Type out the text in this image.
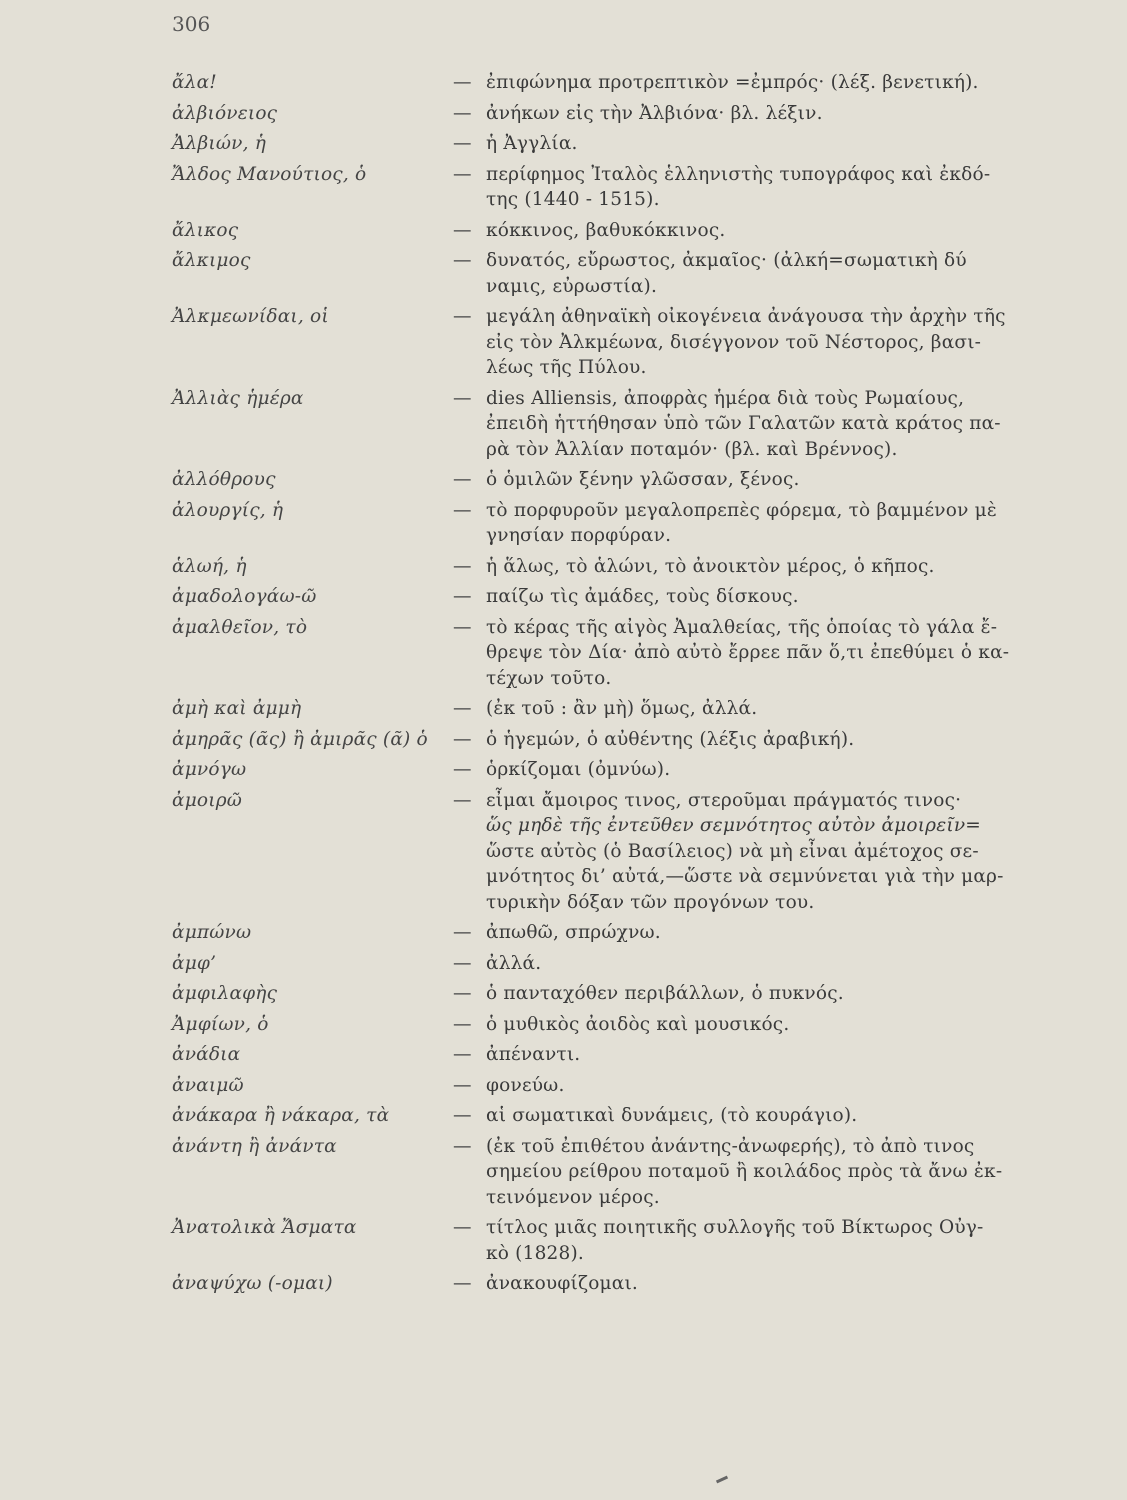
306
ἄλα!	— ἐπιφώνημα προτρεπτικὸν =ἐμπρός· (λέξ. βενετική).
ἀλβιόνειος	— ἀνήκων εἰς τὴν Ἀλβιόνα· βλ. λέξιν.
Ἀλβιών, ἡ	— ἡ Ἀγγλία.
Ἄλδος Μανούτιος, ὁ	— περίφημος Ἰταλὸς ἑλληνιστὴς τυπογράφος καὶ ἐκδό-
της (1440 - 1515).
ἄλικος	— κόκκινος, βαθυκόκκινος.
ἄλκιμος	— δυνατός, εὔρωστος, ἀκμαῖος· (ἀλκή=σωματικὴ δύ
ναμις, εὐρωστία).
Ἀλκμεωνίδαι, οἱ	— μεγάλη ἀθηναϊκὴ οἰκογένεια ἀνάγουσα τὴν ἀρχὴν τῆς
εἰς τὸν Ἀλκμέωνα, δισέγγονον τοῦ Νέστορος, βασι-
λέως τῆς Πύλου.
Ἀλλιὰς ἡμέρα	— dies Alliensis, ἀποφρὰς ἡμέρα διὰ τοὺς Ρωμαίους,
ἐπειδὴ ἡττήθησαν ὑπὸ τῶν Γαλατῶν κατὰ κράτος πα-
ρὰ τὸν Ἀλλίαν ποταμόν· (βλ. καὶ Βρέννος).
ἀλλόθρους	— ὁ ὁμιλῶν ξένην γλῶσσαν, ξένος.
ἀλουργίς, ἡ	— τὸ πορφυροῦν μεγαλοπρεπὲς φόρεμα, τὸ βαμμένον μὲ
γνησίαν πορφύραν.
ἁλωή, ἡ	— ἡ ἅλως, τὸ ἁλώνι, τὸ ἀνοικτὸν μέρος, ὁ κῆπος.
ἀμαδολογάω-ῶ	— παίζω τὶς ἀμάδες, τοὺς δίσκους.
ἀμαλθεῖον, τὸ	— τὸ κέρας τῆς αἰγὸς Ἀμαλθείας, τῆς ὁποίας τὸ γάλα ἔ-
θρεψε τὸν Δία· ἀπὸ αὐτὸ ἔρρεε πᾶν ὅ,τι ἐπεθύμει ὁ κα-
τέχων τοῦτο.
ἀμὴ καὶ ἀμμὴ	— (ἐκ τοῦ : ἂν μὴ) ὅμως, ἀλλά.
ἀμηρᾶς (ᾶς) ἢ ἀμιρᾶς (ᾶ) ὁ	— ὁ ἡγεμών, ὁ αὐθέντης (λέξις ἀραβική).
ἀμνόγω	— ὁρκίζομαι (ὀμνύω).
ἀμοιρῶ	— εἶμαι ἄμοιρος τινος, στεροῦμαι πράγματός τινος·
ὥς μηδὲ τῆς ἐντεῦθεν σεμνότητος αὐτὸν ἀμοιρεῖν=
ὥστε αὐτὸς (ὁ Βασίλειος) νὰ μὴ εἶναι ἀμέτοχος σε-
μνότητος δι’ αὐτά,—ὥστε νὰ σεμνύνεται γιὰ τὴν μαρ-
τυρικὴν δόξαν τῶν προγόνων του.
ἀμπώνω	— ἀπωθῶ, σπρώχνω.
ἀμφ’	— ἀλλά.
ἀμφιλαφὴς	— ὁ πανταχόθεν περιβάλλων, ὁ πυκνός.
Ἀμφίων, ὁ	— ὁ μυθικὸς ἀοιδὸς καὶ μουσικός.
ἀνάδια	— ἀπέναντι.
ἀναιμῶ	— φονεύω.
ἀνάκαρα ἢ νάκαρα, τὰ	— αἱ σωματικαὶ δυνάμεις, (τὸ κουράγιο).
ἀνάντη ἢ ἀνάντα	— (ἐκ τοῦ ἐπιθέτου ἀνάντης-ἀνωφερής), τὸ ἀπὸ τινος
σημείου ρείθρου ποταμοῦ ἢ κοιλάδος πρὸς τὰ ἄνω ἐκ-
τεινόμενον μέρος.
Ἀνατολικὰ Ἄσματα	— τίτλος μιᾶς ποιητικῆς συλλογῆς τοῦ Βίκτωρος Οὐγ-
κὸ (1828).
ἀναψύχω (-ομαι)	— ἀνακουφίζομαι.
